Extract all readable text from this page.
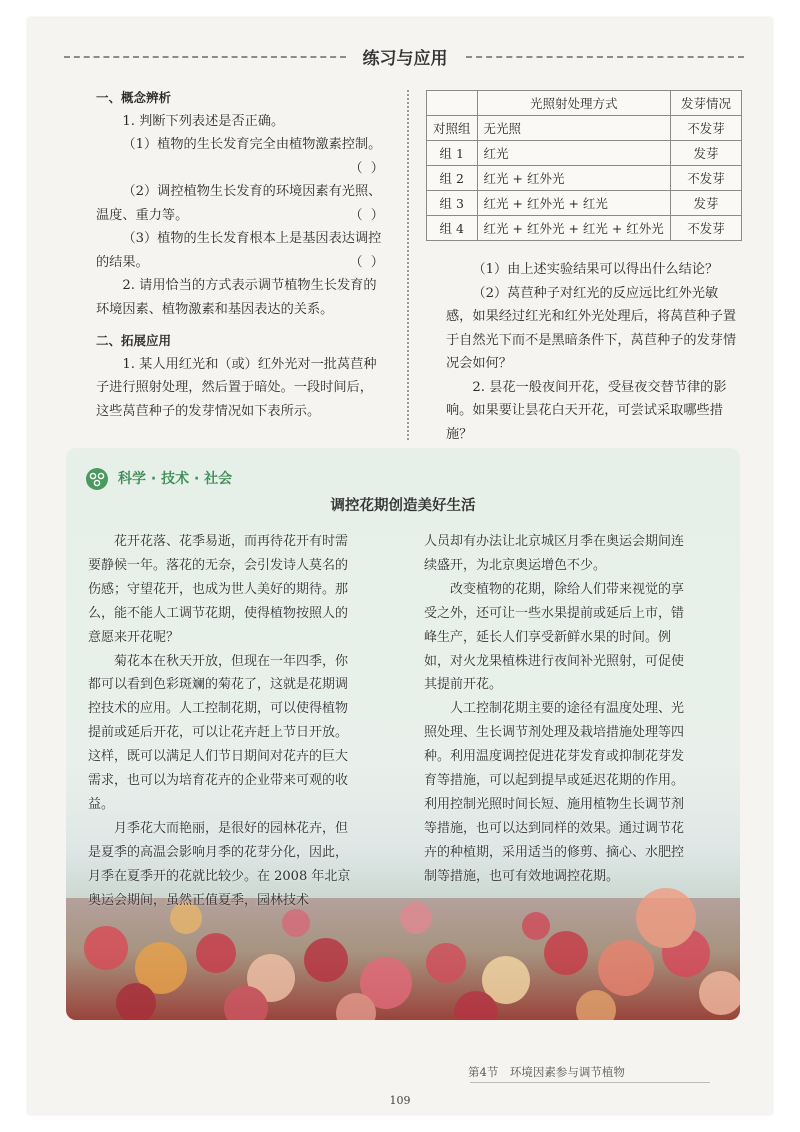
练习与应用

一、概念辨析

1. 判断下列表述是否正确。

（1）植物的生长发育完全由植物激素控制。

（ ）

（2）调控植物生长发育的环境因素有光照、温度、重力等。	（ ）

（3）植物的生长发育根本上是基因表达调控的结果。	（ ）

2. 请用恰当的方式表示调节植物生长发育的环境因素、植物激素和基因表达的关系。

二、拓展应用

1. 某人用红光和（或）红外光对一批莴苣种子进行照射处理，然后置于暗处。一段时间后，这些莴苣种子的发芽情况如下表所示。

	光照射处理方式	发芽情况
对照组	无光照	不发芽
组 1	红光	发芽
组 2	红光 + 红外光	不发芽
组 3	红光 + 红外光 + 红光	发芽
组 4	红光 + 红外光 + 红光 + 红外光	不发芽

（1）由上述实验结果可以得出什么结论？

（2）莴苣种子对红光的反应远比红外光敏感，如果经过红光和红外光处理后，将莴苣种子置于自然光下而不是黑暗条件下，莴苣种子的发芽情况会如何？

2. 昙花一般夜间开花，受昼夜交替节律的影响。如果要让昙花白天开花，可尝试采取哪些措施？

科学 · 技术 · 社会
调控花期创造美好生活

花开花落、花季易逝，而再待花开有时需要静候一年。落花的无奈，会引发诗人莫名的伤感；守望花开，也成为世人美好的期待。那么，能不能人工调节花期，使得植物按照人的意愿来开花呢？

菊花本在秋天开放，但现在一年四季，你都可以看到色彩斑斓的菊花了，这就是花期调控技术的应用。人工控制花期，可以使得植物提前或延后开花，可以让花卉赶上节日开放。这样，既可以满足人们节日期间对花卉的巨大需求，也可以为培育花卉的企业带来可观的收益。

月季花大而艳丽，是很好的园林花卉，但是夏季的高温会影响月季的花芽分化，因此，月季在夏季开的花就比较少。在 2008 年北京奥运会期间，虽然正值夏季，园林技术

人员却有办法让北京城区月季在奥运会期间连续盛开，为北京奥运增色不少。

改变植物的花期，除给人们带来视觉的享受之外，还可让一些水果提前或延后上市，错峰生产，延长人们享受新鲜水果的时间。例如，对火龙果植株进行夜间补光照射，可促使其提前开花。

人工控制花期主要的途径有温度处理、光照处理、生长调节剂处理及栽培措施处理等四种。利用温度调控促进花芽发育或抑制花芽发育等措施，可以起到提早或延迟花期的作用。利用控制光照时间长短、施用植物生长调节剂等措施，也可以达到同样的效果。通过调节花卉的种植期，采用适当的修剪、摘心、水肥控制等措施，也可有效地调控花期。

第4节　环境因素参与调节植物
109
